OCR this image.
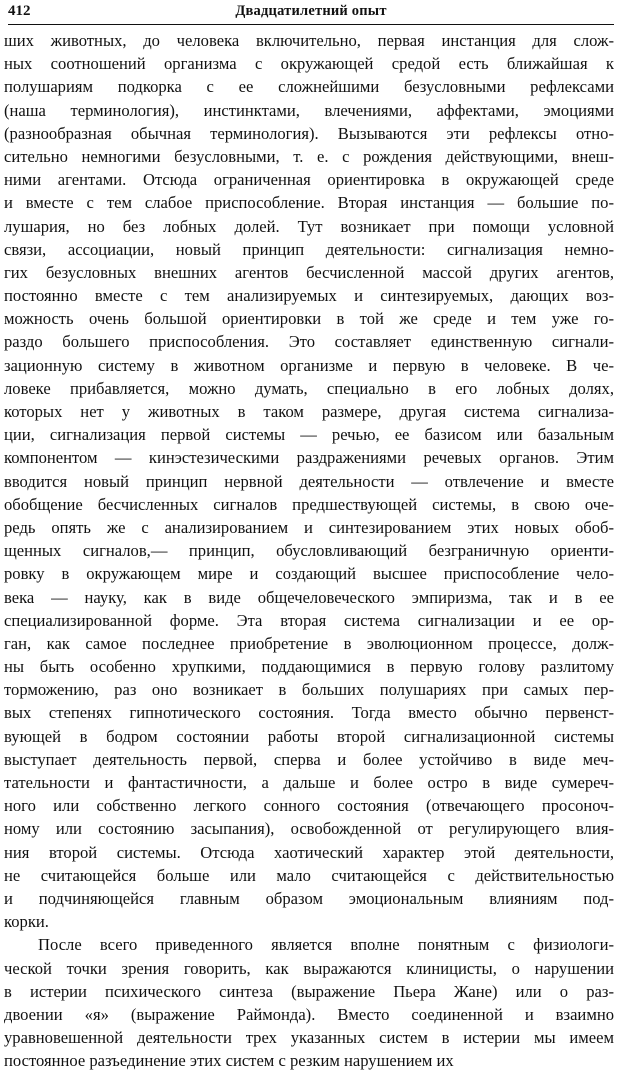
412	Двадцатилетний опыт
ших животных, до человека включительно, первая инстанция для слож-
ных соотношений организма с окружающей средой есть ближайшая к
полушариям подкорка с ее сложнейшими безусловными рефлексами
(наша терминология), инстинктами, влечениями, аффектами, эмоциями
(разнообразная обычная терминология). Вызываются эти рефлексы отно-
сительно немногими безусловными, т. е. с рождения действующими, внеш-
ними агентами. Отсюда ограниченная ориентировка в окружающей среде
и вместе с тем слабое приспособление. Вторая инстанция — большие по-
лушария, но без лобных долей. Тут возникает при помощи условной
связи, ассоциации, новый принцип деятельности: сигнализация немно-
гих безусловных внешних агентов бесчисленной массой других агентов,
постоянно вместе с тем анализируемых и синтезируемых, дающих воз-
можность очень большой ориентировки в той же среде и тем уже го-
раздо большего приспособления. Это составляет единственную сигнали-
зационную систему в животном организме и первую в человеке. В че-
ловеке прибавляется, можно думать, специально в его лобных долях,
которых нет у животных в таком размере, другая система сигнализа-
ции, сигнализация первой системы — речью, ее базисом или базальным
компонентом — кинэстезическими раздражениями речевых органов. Этим
вводится новый принцип нервной деятельности — отвлечение и вместе
обобщение бесчисленных сигналов предшествующей системы, в свою оче-
редь опять же с анализированием и синтезированием этих новых обоб-
щенных сигналов,— принцип, обусловливающий безграничную ориенти-
ровку в окружающем мире и создающий высшее приспособление чело-
века — науку, как в виде общечеловеческого эмпиризма, так и в ее
специализированной форме. Эта вторая система сигнализации и ее ор-
ган, как самое последнее приобретение в эволюционном процессе, долж-
ны быть особенно хрупкими, поддающимися в первую голову разлитому
торможению, раз оно возникает в больших полушариях при самых пер-
вых степенях гипнотического состояния. Тогда вместо обычно первенст-
вующей в бодром состоянии работы второй сигнализационной системы
выступает деятельность первой, сперва и более устойчиво в виде меч-
тательности и фантастичности, а дальше и более остро в виде сумереч-
ного или собственно легкого сонного состояния (отвечающего просоноч-
ному или состоянию засыпания), освобожденной от регулирующего влия-
ния второй системы. Отсюда хаотический характер этой деятельности,
не считающейся больше или мало считающейся с действительностью
и подчиняющейся главным образом эмоциональным влияниям под-
корки.
После всего приведенного является вполне понятным с физиологи-
ческой точки зрения говорить, как выражаются клиницисты, о нарушении
в истерии психического синтеза (выражение Пьера Жане) или о раз-
двоении «я» (выражение Раймонда). Вместо соединенной и взаимно
уравновешенной деятельности трех указанных систем в истерии мы имеем
постоянное разъединение этих систем с резким нарушением их
